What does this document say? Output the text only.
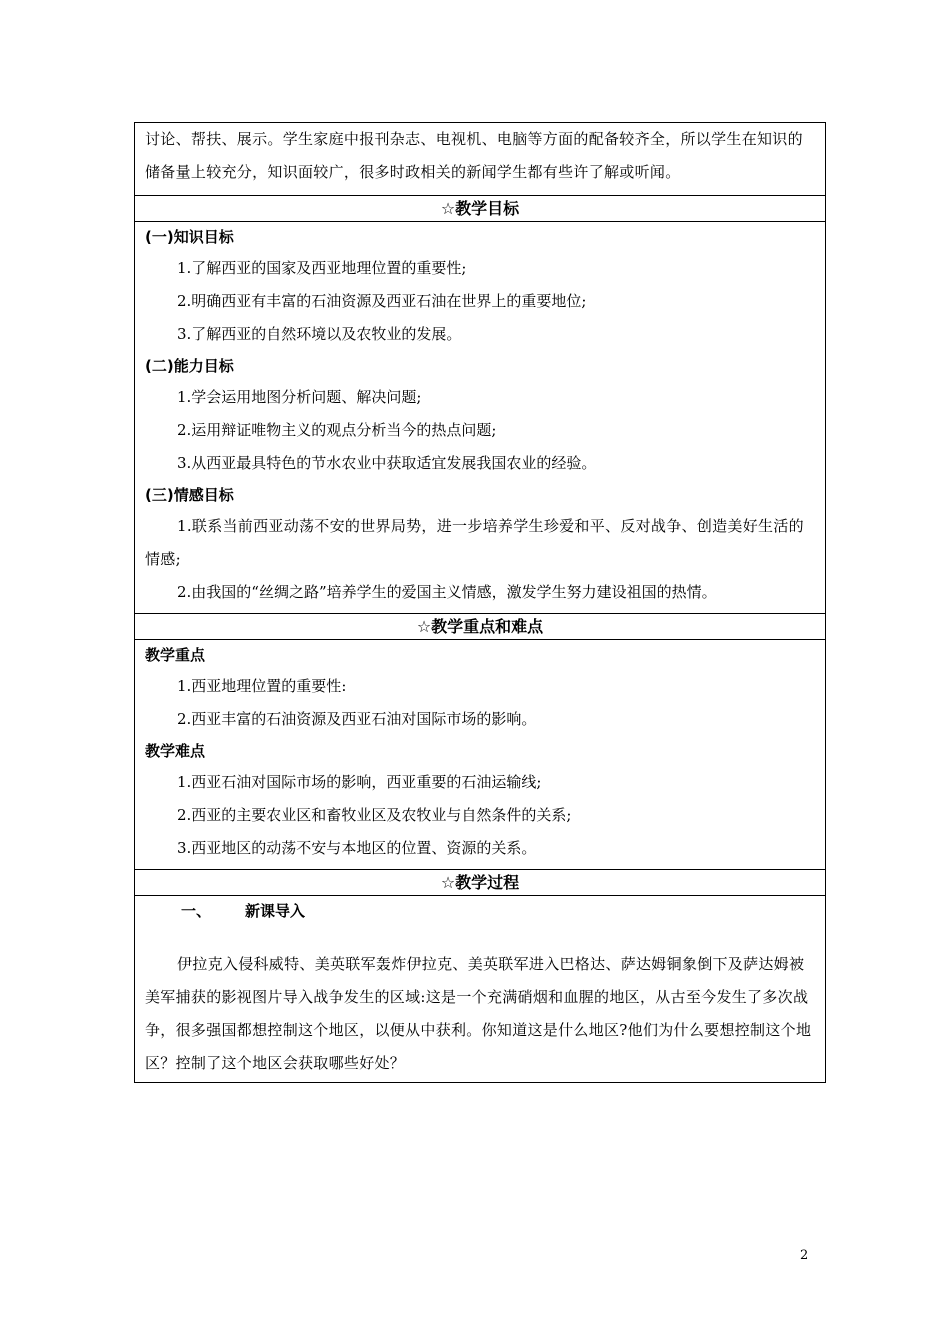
讨论、帮扶、展示。学生家庭中报刊杂志、电视机、电脑等方面的配备较齐全，所以学生在知识的储备量上较充分，知识面较广，很多时政相关的新闻学生都有些许了解或听闻。
☆教学目标
(一)知识目标
1.了解西亚的国家及西亚地理位置的重要性;
2.明确西亚有丰富的石油资源及西亚石油在世界上的重要地位;
3.了解西亚的自然环境以及农牧业的发展。
(二)能力目标
1.学会运用地图分析问题、解决问题;
2.运用辩证唯物主义的观点分析当今的热点问题;
3.从西亚最具特色的节水农业中获取适宜发展我国农业的经验。
(三)情感目标
1.联系当前西亚动荡不安的世界局势，进一步培养学生珍爱和平、反对战争、创造美好生活的情感;
2.由我国的“丝绸之路”培养学生的爱国主义情感，激发学生努力建设祖国的热情。
☆教学重点和难点
教学重点
1.西亚地理位置的重要性:
2.西亚丰富的石油资源及西亚石油对国际市场的影响。
教学难点
1.西亚石油对国际市场的影响，西亚重要的石油运输线;
2.西亚的主要农业区和畜牧业区及农牧业与自然条件的关系;
3.西亚地区的动荡不安与本地区的位置、资源的关系。
☆教学过程
一、 新课导入
伊拉克入侵科威特、美英联军轰炸伊拉克、美英联军进入巴格达、萨达姆铜象倒下及萨达姆被美军捕获的影视图片导入战争发生的区域:这是一个充满硝烟和血腥的地区，从古至今发生了多次战争，很多强国都想控制这个地区，以便从中获利。你知道这是什么地区?他们为什么要想控制这个地区？控制了这个地区会获取哪些好处？
2
